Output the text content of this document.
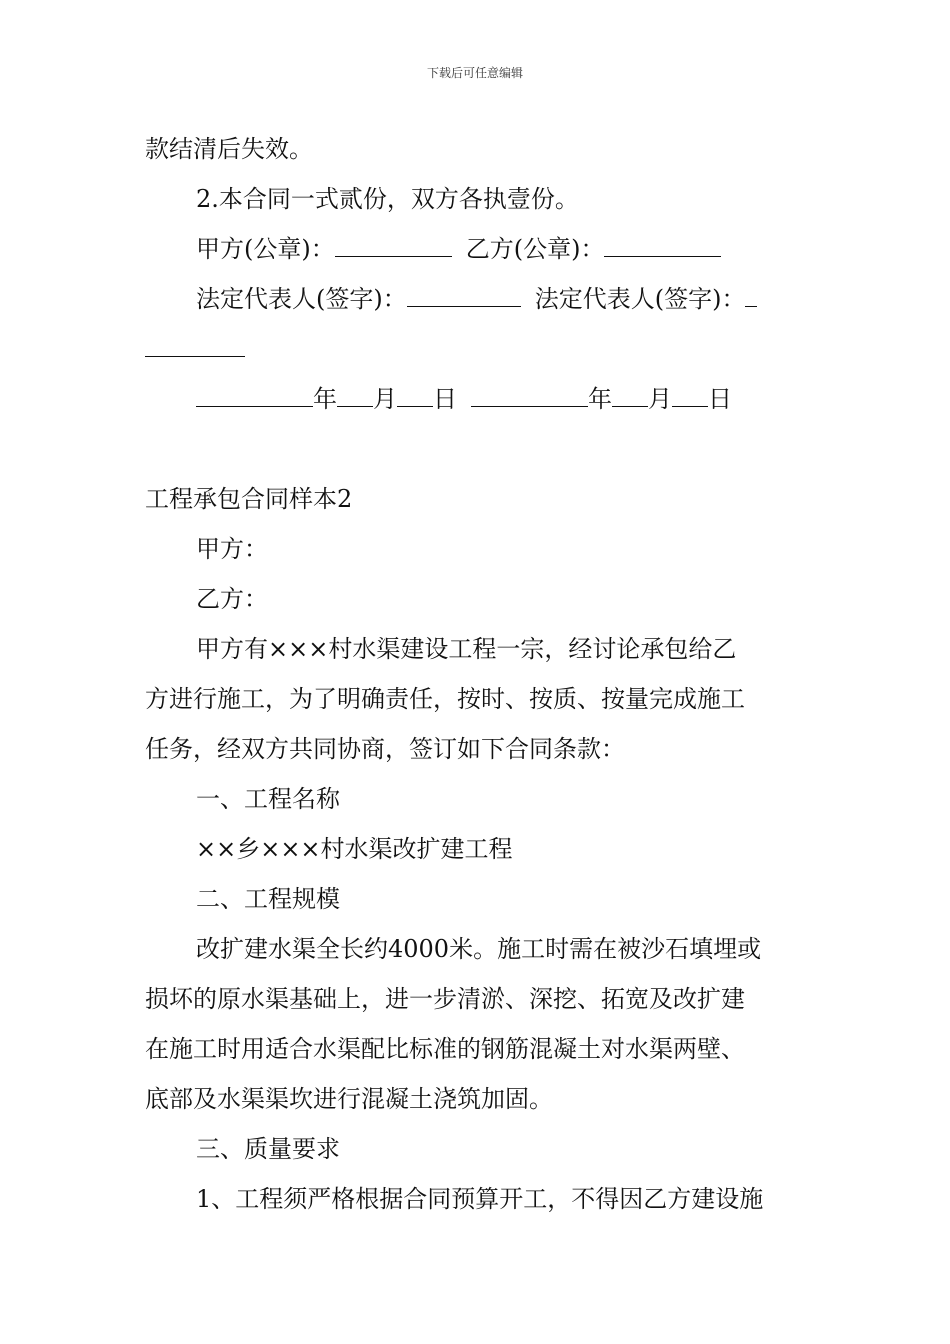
下载后可任意编辑
款结清后失效。
2.本合同一式贰份，双方各执壹份。
甲方(公章)：	乙方(公章)：
法定代表人(签字)：	法定代表人(签字)：
年 月 日	年 月 日
工程承包合同样本2
甲方：
乙方：
甲方有×××村水渠建设工程一宗，经讨论承包给乙
方进行施工，为了明确责任，按时、按质、按量完成施工
任务，经双方共同协商，签订如下合同条款：
一、工程名称
××乡×××村水渠改扩建工程
二、工程规模
改扩建水渠全长约4000米。施工时需在被沙石填埋或
损坏的原水渠基础上，进一步清淤、深挖、拓宽及改扩建
在施工时用适合水渠配比标准的钢筋混凝土对水渠两壁、
底部及水渠渠坎进行混凝土浇筑加固。
三、质量要求
1、工程须严格根据合同预算开工，不得因乙方建设施
